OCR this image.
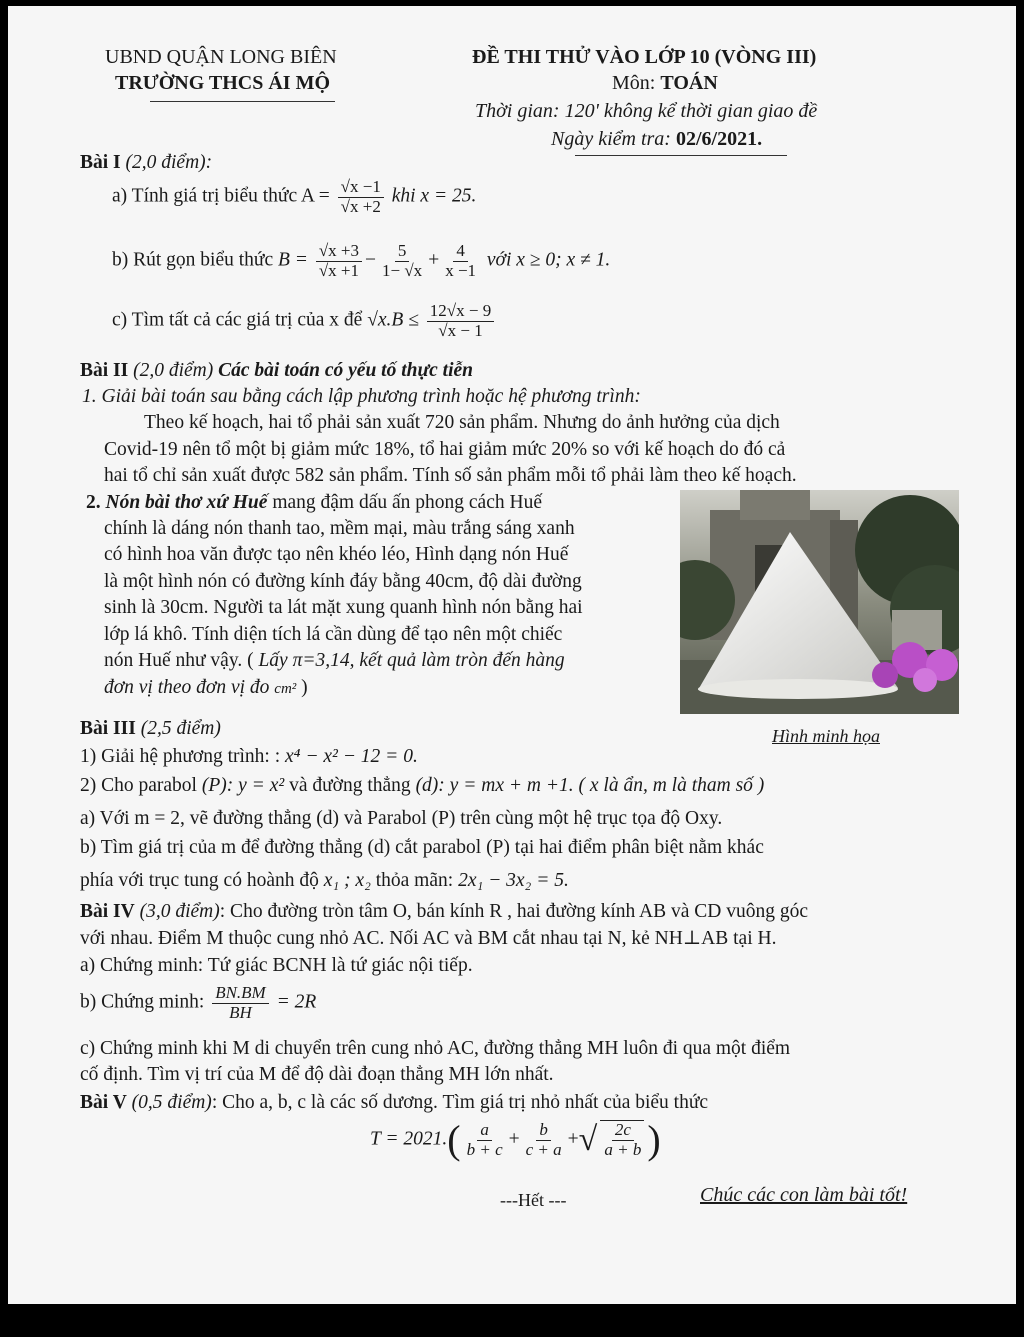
UBND QUẬN LONG BIÊN
TRƯỜNG THCS ÁI MỘ
ĐỀ THI THỬ VÀO LỚP 10 (VÒNG III)
Môn: TOÁN
Thời gian: 120' không kể thời gian giao đề
Ngày kiểm tra: 02/6/2021.
Bài I (2,0 điểm):
a) Tính giá trị biểu thức $A = \frac{√x -1}{√x +2}$ khi x = 25.
b) Rút gọn biểu thức $B = \frac{√x +3}{√x +1} - \frac{5}{1- √x} + \frac{4}{x -1}$ với x ≥ 0; x ≠ 1.
c) Tìm tất cả các giá trị của x để $√x.B \le \frac{12√x - 9}{√x - 1}$
Bài II (2,0 điểm) Các bài toán có yếu tố thực tiễn
1. Giải bài toán sau bằng cách lập phương trình hoặc hệ phương trình:
Theo kế hoạch, hai tổ phải sản xuất 720 sản phẩm. Nhưng do ảnh hưởng của dịch
Covid-19 nên tổ một bị giảm mức 18%, tổ hai giảm mức 20% so với kế hoạch do đó cả
hai tổ chỉ sản xuất được 582 sản phẩm. Tính số sản phẩm mỗi tổ phải làm theo kế hoạch.
2. Nón bài thơ xứ Huế mang đậm dấu ấn phong cách Huế
chính là dáng nón thanh tao, mềm mại, màu trắng sáng xanh
có hình hoa văn được tạo nên khéo léo, Hình dạng nón Huế
là một hình nón có đường kính đáy bằng 40cm, độ dài đường
sinh là 30cm. Người ta lát mặt xung quanh hình nón bằng hai
lớp lá khô. Tính diện tích lá cần dùng để tạo nên một chiếc
nón Huế như vậy. ( Lấy π=3,14, kết quả làm tròn đến hàng
đơn vị theo đơn vị đo cm² )
Hình minh họa
Bài III (2,5 điểm)
1) Giải hệ phương trình: : x⁴ − x² − 12 = 0.
2) Cho parabol (P): y = x² và đường thẳng (d): y = mx + m +1. ( x là ẩn, m là tham số )
a) Với m = 2, vẽ đường thẳng (d) và Parabol (P) trên cùng một hệ trục tọa độ Oxy.
b) Tìm giá trị của m để đường thẳng (d) cắt parabol (P) tại hai điểm phân biệt nằm khác
phía với trục tung có hoành độ x₁ ; x₂ thỏa mãn: 2x₁ − 3x₂ = 5.
Bài IV (3,0 điểm): Cho đường tròn tâm O, bán kính R , hai đường kính AB và CD vuông góc
với nhau. Điểm M thuộc cung nhỏ AC. Nối AC và BM cắt nhau tại N, kẻ NH⊥AB tại H.
a) Chứng minh: Tứ giác BCNH là tứ giác nội tiếp.
b) Chứng minh: $\frac{BN.BM}{BH} = 2R$
c) Chứng minh khi M di chuyển trên cung nhỏ AC, đường thẳng MH luôn đi qua một điểm
cố định. Tìm vị trí của M để độ dài đoạn thẳng MH lớn nhất.
Bài V (0,5 điểm): Cho a, b, c là các số dương. Tìm giá trị nhỏ nhất của biểu thức
$T = 2021.( \frac{a}{b + c} + \frac{b}{c + a}$ +√ $\frac{2c}{a + b}$ )
---Hết ---	Chúc các con làm bài tốt!
